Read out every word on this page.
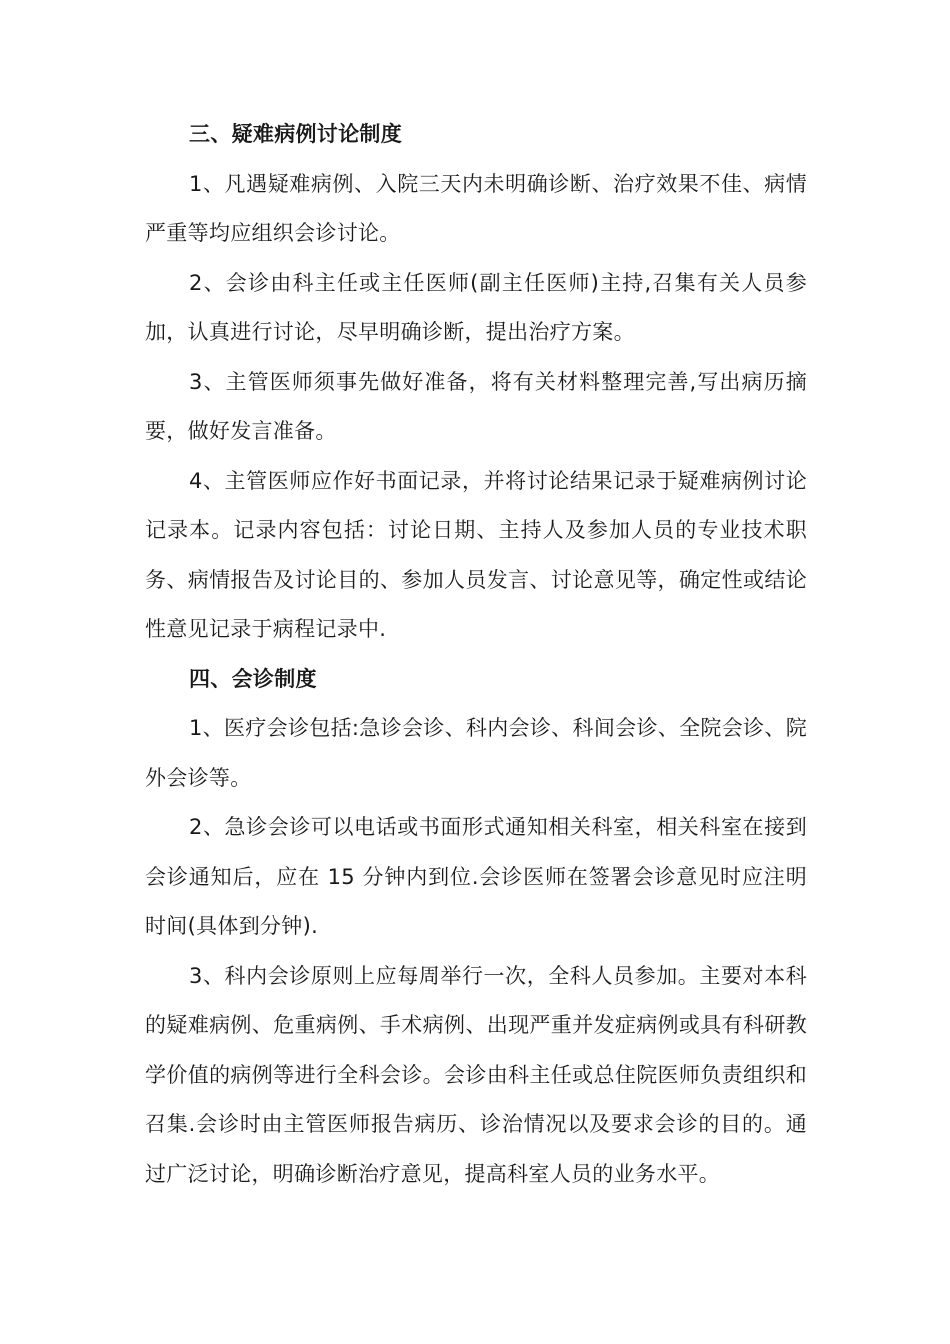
三、疑难病例讨论制度

1、凡遇疑难病例、入院三天内未明确诊断、治疗效果不佳、病情严重等均应组织会诊讨论。

2、会诊由科主任或主任医师(副主任医师)主持,召集有关人员参加，认真进行讨论，尽早明确诊断，提出治疗方案。

3、主管医师须事先做好准备，将有关材料整理完善,写出病历摘要，做好发言准备。

4、主管医师应作好书面记录，并将讨论结果记录于疑难病例讨论记录本。记录内容包括：讨论日期、主持人及参加人员的专业技术职务、病情报告及讨论目的、参加人员发言、讨论意见等，确定性或结论性意见记录于病程记录中.

四、会诊制度

1、医疗会诊包括:急诊会诊、科内会诊、科间会诊、全院会诊、院外会诊等。

2、急诊会诊可以电话或书面形式通知相关科室，相关科室在接到会诊通知后，应在 15 分钟内到位.会诊医师在签署会诊意见时应注明时间(具体到分钟).

3、科内会诊原则上应每周举行一次，全科人员参加。主要对本科的疑难病例、危重病例、手术病例、出现严重并发症病例或具有科研教学价值的病例等进行全科会诊。会诊由科主任或总住院医师负责组织和召集.会诊时由主管医师报告病历、诊治情况以及要求会诊的目的。通过广泛讨论，明确诊断治疗意见，提高科室人员的业务水平。
